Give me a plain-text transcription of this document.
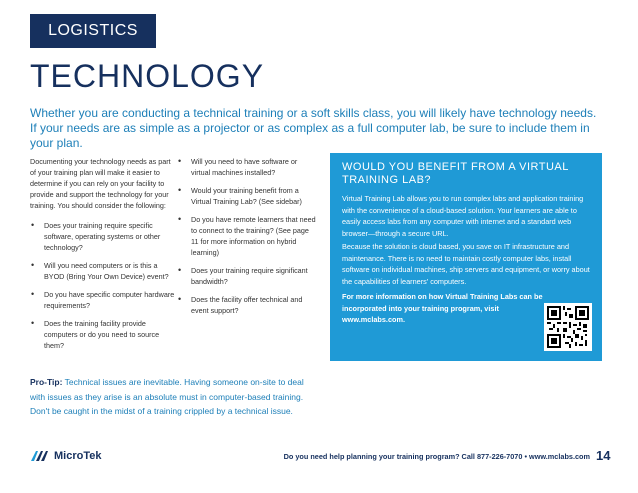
LOGISTICS
TECHNOLOGY
Whether you are conducting a technical training or a soft skills class, you will likely have technology needs. If your needs are as simple as a projector or as complex as a full computer lab, be sure to include them in your plan.

Documenting your technology needs as part of your training plan will make it easier to determine if you can rely on your facility to provide and support the technology for your training. You should consider the following:

• Does your training require specific software, operating systems or other technology?
• Will you need computers or is this a BYOD (Bring Your Own Device) event?
• Do you have specific computer hardware requirements?
• Does the training facility provide computers or do you need to source them?
• Will you need to have software or virtual machines installed?
• Would your training benefit from a Virtual Training Lab? (See sidebar)
• Do you have remote learners that need to connect to the training? (See page 11 for more information on hybrid learning)
• Does your training require significant bandwidth?
• Does the facility offer technical and event support?
WOULD YOU BENEFIT FROM A VIRTUAL TRAINING LAB?

Virtual Training Lab allows you to run complex labs and application training with the convenience of a cloud-based solution. Your learners are able to easily access labs from any computer with internet and a standard web browser—through a secure URL.

Because the solution is cloud based, you save on IT infrastructure and maintenance. There is no need to maintain costly computer labs, install software on individual machines, ship servers and equipment, or worry about the capabilities of learners' computers.

For more information on how Virtual Training Labs can be incorporated into your training program, visit www.mclabs.com.
Pro-Tip: Technical issues are inevitable. Having someone on-site to deal with issues as they arise is an absolute must in computer-based training. Don't be caught in the midst of a training crippled by a technical issue.
MicroTek	Do you need help planning your training program? Call 877-226-7070 • www.mclabs.com 14
